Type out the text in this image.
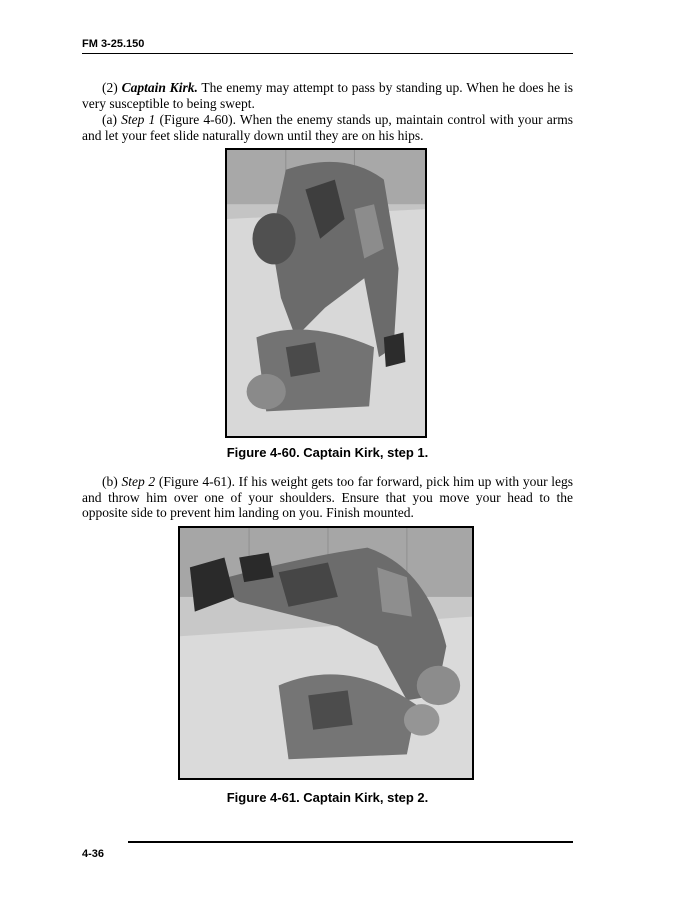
FM 3-25.150

(2) Captain Kirk. The enemy may attempt to pass by standing up. When he does he is very susceptible to being swept.

(a) Step 1 (Figure 4-60). When the enemy stands up, maintain control with your arms and let your feet slide naturally down until they are on his hips.

Figure 4-60. Captain Kirk, step 1.

(b) Step 2 (Figure 4-61). If his weight gets too far forward, pick him up with your legs and throw him over one of your shoulders. Ensure that you move your head to the opposite side to prevent him landing on you. Finish mounted.

Figure 4-61. Captain Kirk, step 2.
4-36
